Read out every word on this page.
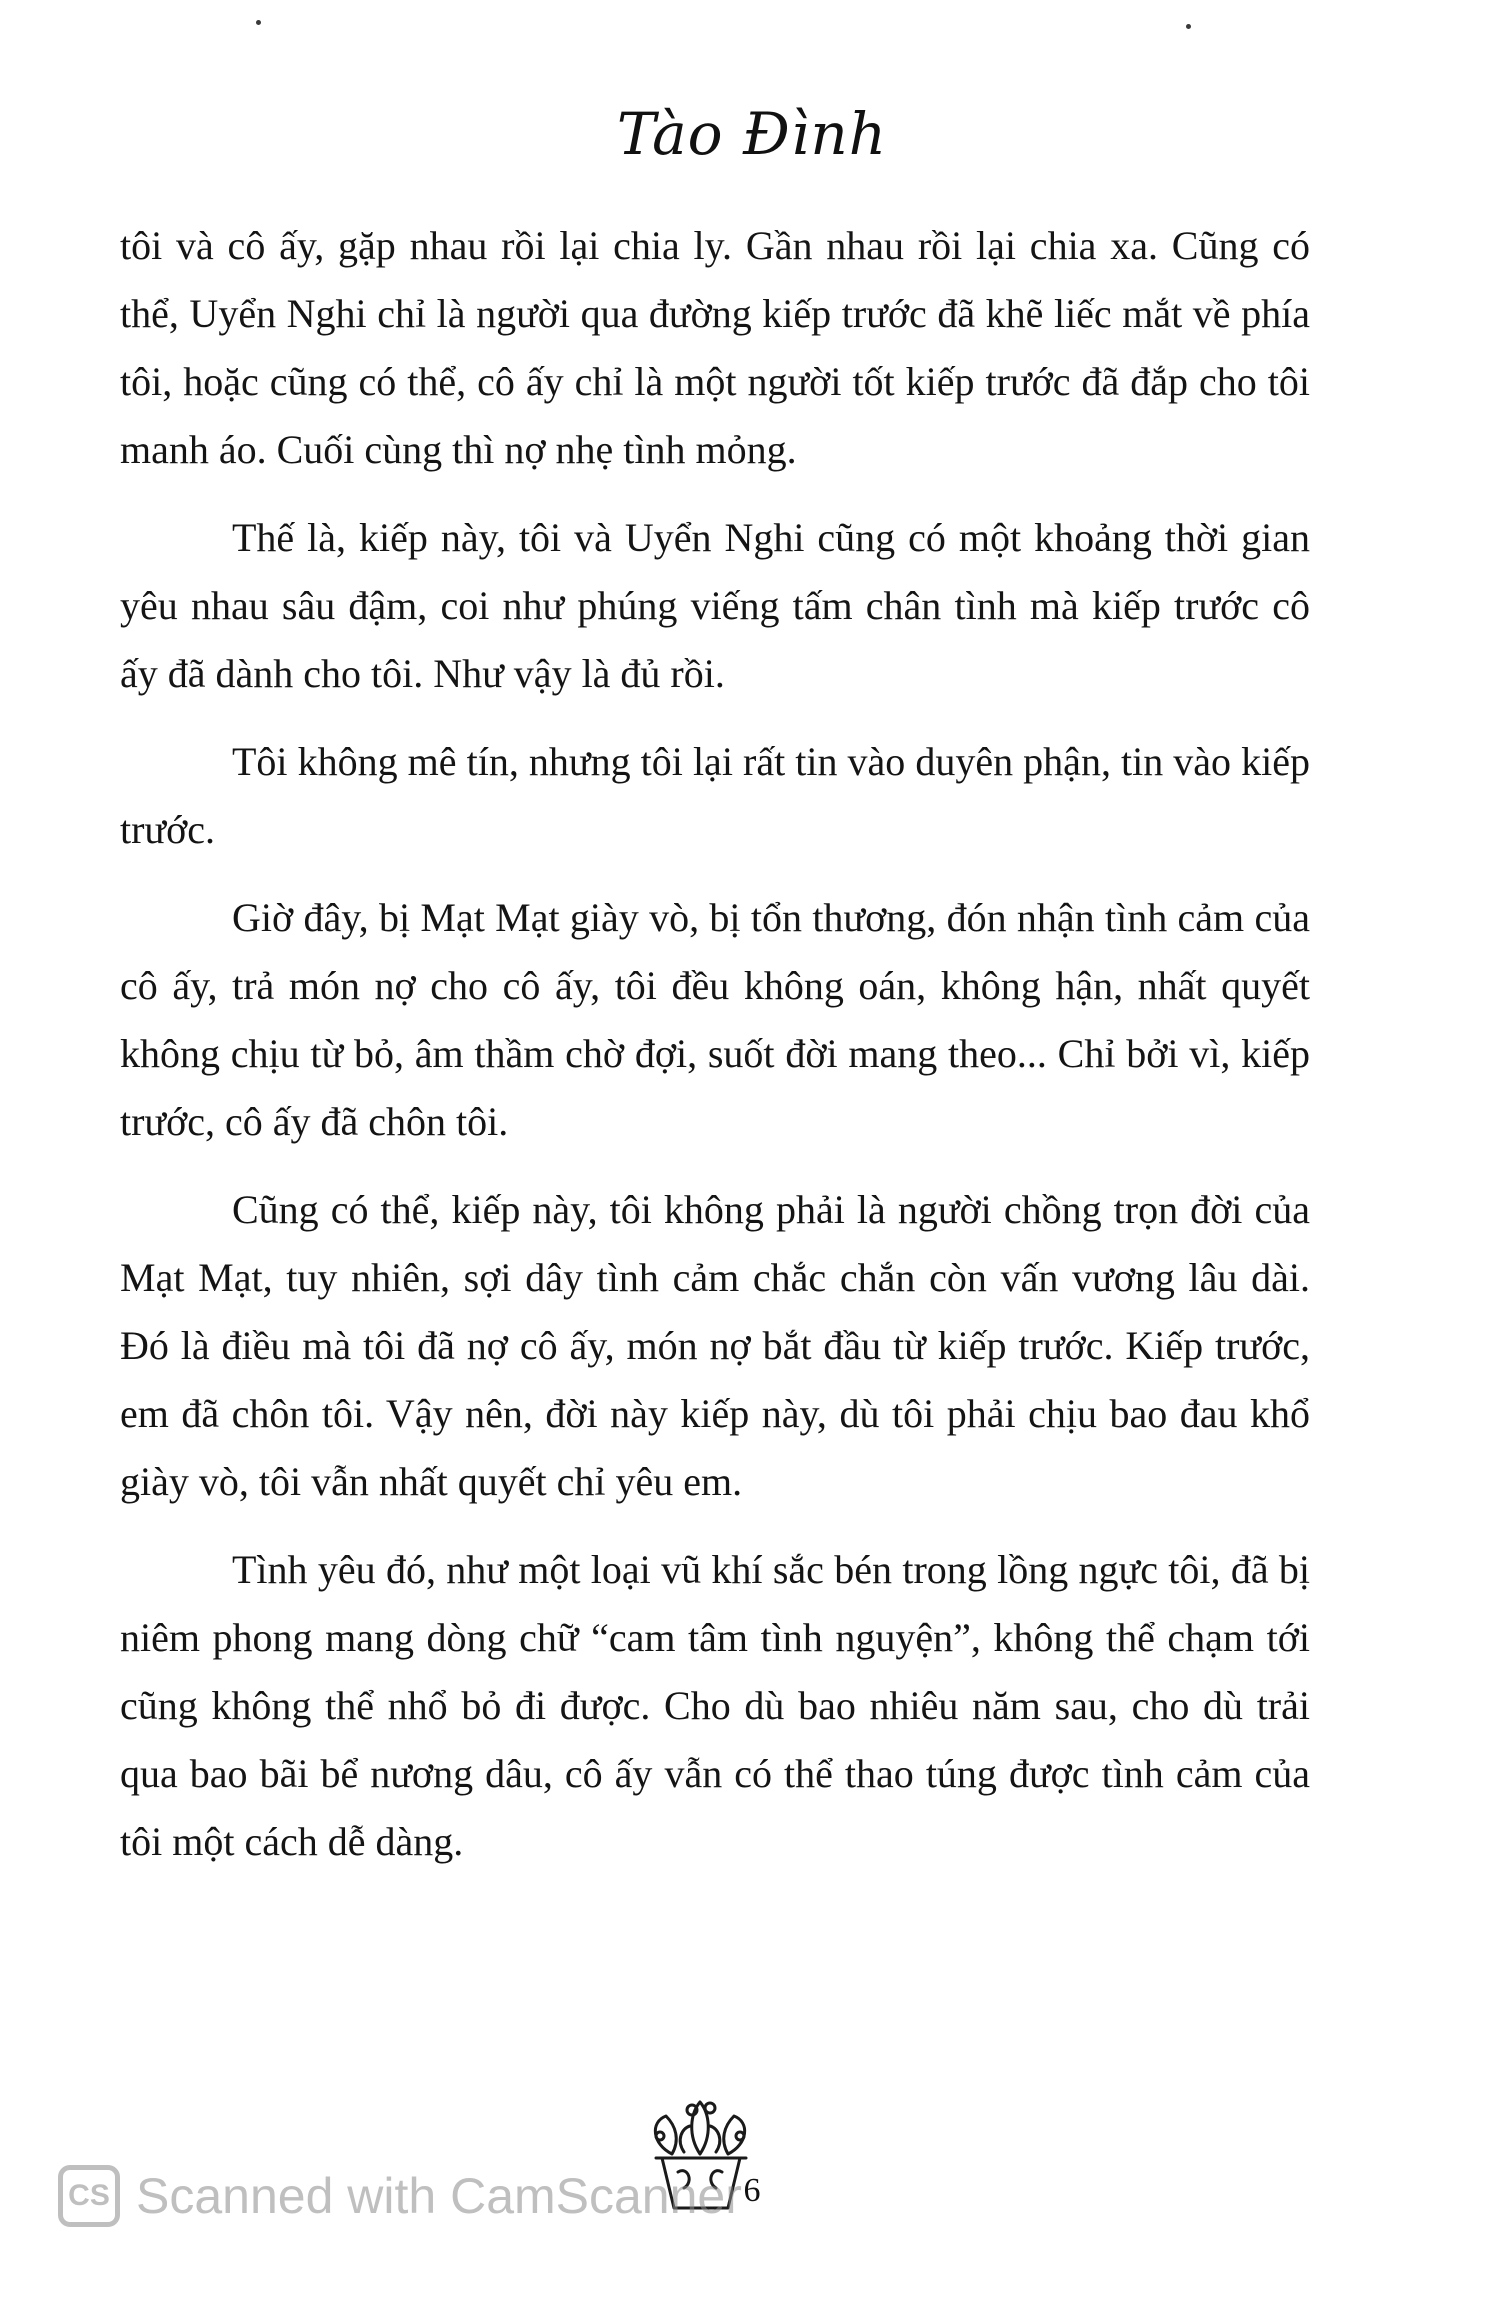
Tào Đình

tôi và cô ấy, gặp nhau rồi lại chia ly. Gần nhau rồi lại chia xa. Cũng có thể, Uyển Nghi chỉ là người qua đường kiếp trước đã khẽ liếc mắt về phía tôi, hoặc cũng có thể, cô ấy chỉ là một người tốt kiếp trước đã đắp cho tôi manh áo. Cuối cùng thì nợ nhẹ tình mỏng.

Thế là, kiếp này, tôi và Uyển Nghi cũng có một khoảng thời gian yêu nhau sâu đậm, coi như phúng viếng tấm chân tình mà kiếp trước cô ấy đã dành cho tôi. Như vậy là đủ rồi.

Tôi không mê tín, nhưng tôi lại rất tin vào duyên phận, tin vào kiếp trước.

Giờ đây, bị Mạt Mạt giày vò, bị tổn thương, đón nhận tình cảm của cô ấy, trả món nợ cho cô ấy, tôi đều không oán, không hận, nhất quyết không chịu từ bỏ, âm thầm chờ đợi, suốt đời mang theo... Chỉ bởi vì, kiếp trước, cô ấy đã chôn tôi.

Cũng có thể, kiếp này, tôi không phải là người chồng trọn đời của Mạt Mạt, tuy nhiên, sợi dây tình cảm chắc chắn còn vấn vương lâu dài. Đó là điều mà tôi đã nợ cô ấy, món nợ bắt đầu từ kiếp trước. Kiếp trước, em đã chôn tôi. Vậy nên, đời này kiếp này, dù tôi phải chịu bao đau khổ giày vò, tôi vẫn nhất quyết chỉ yêu em.

Tình yêu đó, như một loại vũ khí sắc bén trong lồng ngực tôi, đã bị niêm phong mang dòng chữ “cam tâm tình nguyện”, không thể chạm tới cũng không thể nhổ bỏ đi được. Cho dù bao nhiêu năm sau, cho dù trải qua bao bãi bể nương dâu, cô ấy vẫn có thể thao túng được tình cảm của tôi một cách dễ dàng.

6
CS Scanned with CamScanner
